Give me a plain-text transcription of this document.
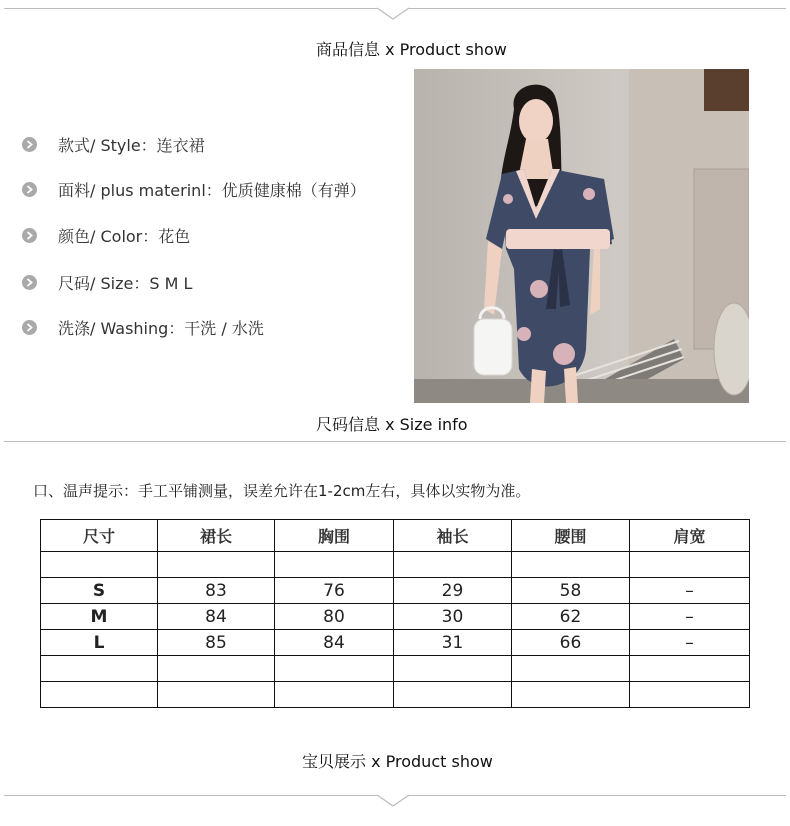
商品信息 x Product show
款式/ Style：连衣裙
面料/ plus materinl：优质健康棉（有弹）
颜色/ Color：花色
尺码/ Size：S M L
洗涤/ Washing：干洗 / 水洗
尺码信息 x Size info
口、温声提示：手工平铺测量，误差允许在1-2cm左右，具体以实物为准。
尺寸	裙长	胸围	袖长	腰围	肩宽

S	83	76	29	58	–
M	84	80	30	62	–
L	85	84	31	66	–

宝贝展示 x Product show
